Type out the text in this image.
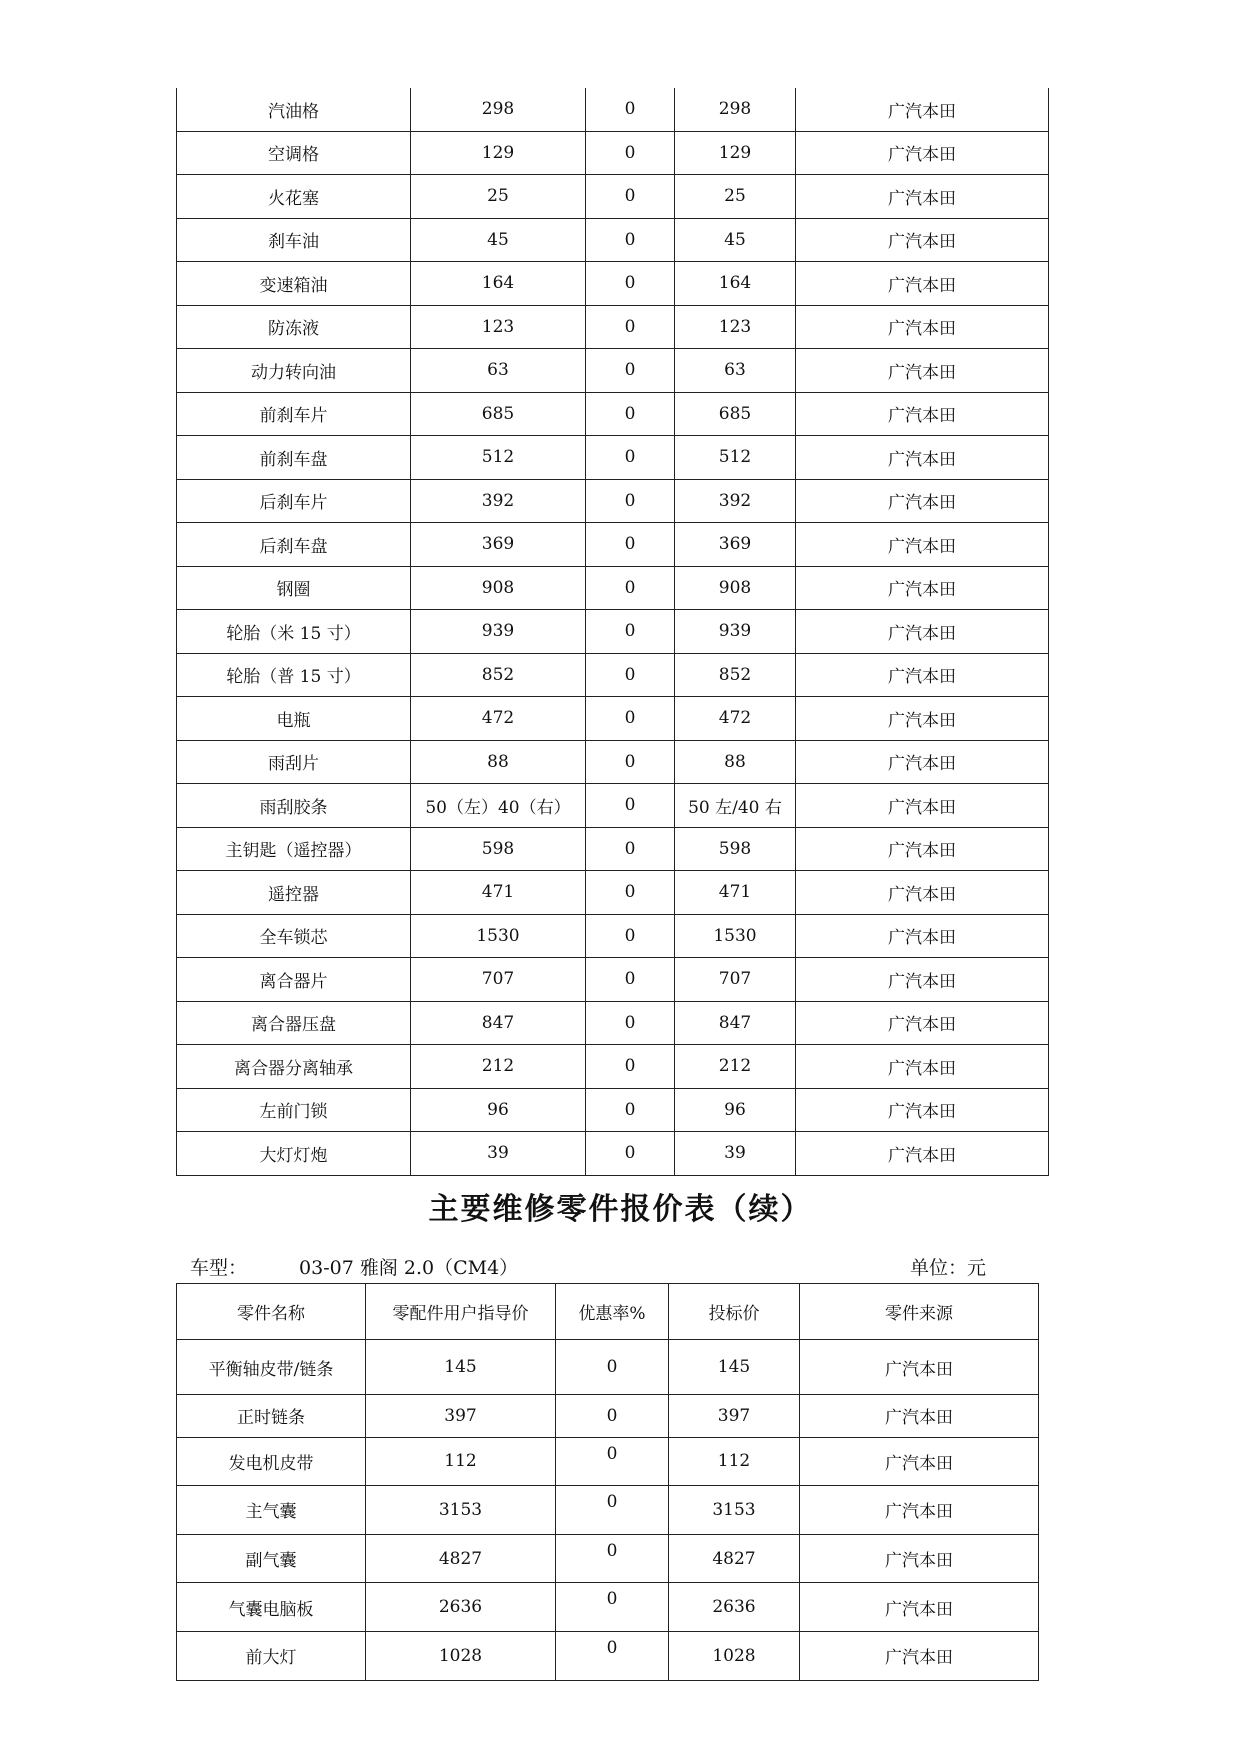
汽油格	298	0	298	广汽本田
空调格	129	0	129	广汽本田
火花塞	25	0	25	广汽本田
刹车油	45	0	45	广汽本田
变速箱油	164	0	164	广汽本田
防冻液	123	0	123	广汽本田
动力转向油	63	0	63	广汽本田
前刹车片	685	0	685	广汽本田
前刹车盘	512	0	512	广汽本田
后刹车片	392	0	392	广汽本田
后刹车盘	369	0	369	广汽本田
钢圈	908	0	908	广汽本田
轮胎（米 15 寸）	939	0	939	广汽本田
轮胎（普 15 寸）	852	0	852	广汽本田
电瓶	472	0	472	广汽本田
雨刮片	88	0	88	广汽本田
雨刮胶条	50（左）40（右）	0	50 左/40 右	广汽本田
主钥匙（遥控器）	598	0	598	广汽本田
遥控器	471	0	471	广汽本田
全车锁芯	1530	0	1530	广汽本田
离合器片	707	0	707	广汽本田
离合器压盘	847	0	847	广汽本田
离合器分离轴承	212	0	212	广汽本田
左前门锁	96	0	96	广汽本田
大灯灯炮	39	0	39	广汽本田
主要维修零件报价表（续）
车型：	03-07 雅阁 2.0（CM4）	单位：元
零件名称	零配件用户指导价	优惠率%	投标价	零件来源
平衡轴皮带/链条	145	0	145	广汽本田
正时链条	397	0	397	广汽本田
发电机皮带	112	0	112	广汽本田
主气囊	3153	0	3153	广汽本田
副气囊	4827	0	4827	广汽本田
气囊电脑板	2636	0	2636	广汽本田
前大灯	1028	0	1028	广汽本田
